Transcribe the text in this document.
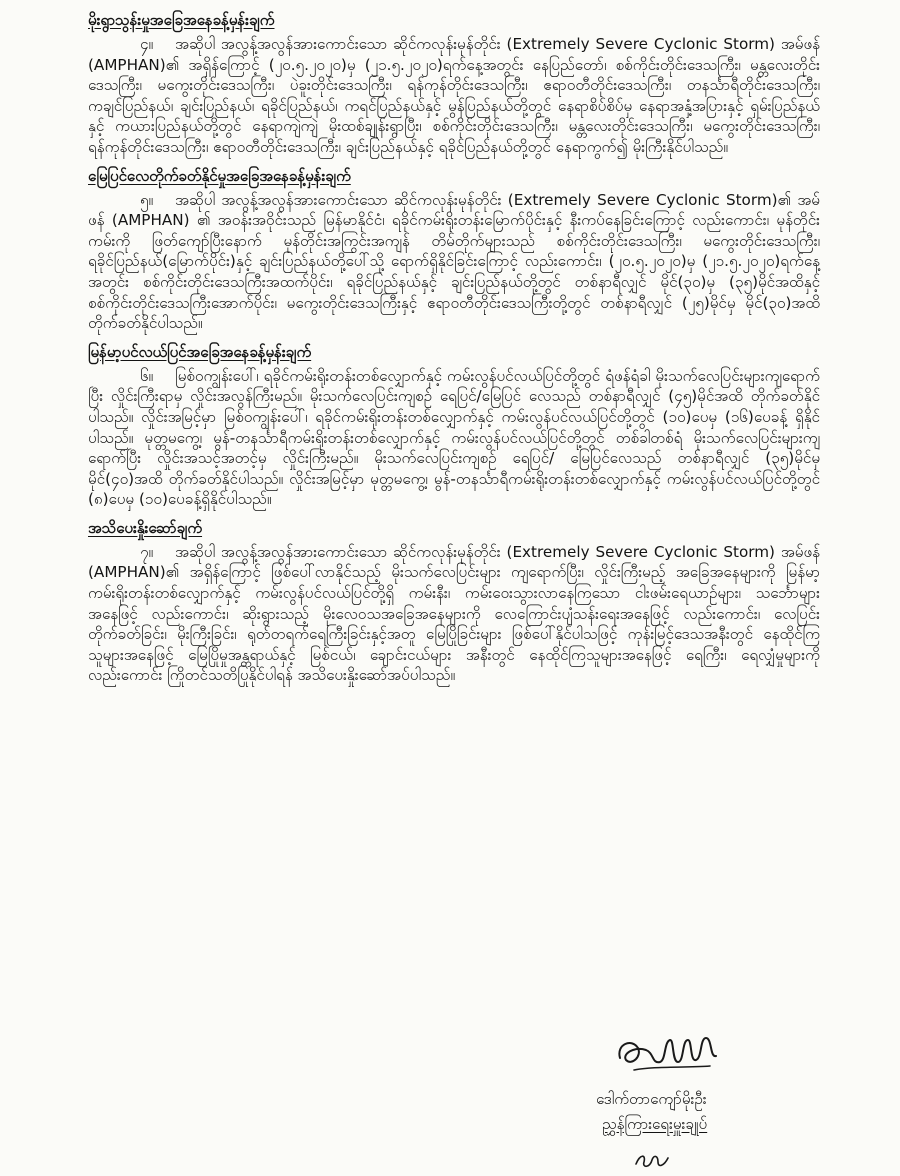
မိုးရွာသွန်းမှုအခြေအနေခန့်မှန်းချက်

၄။ အဆိုပါ အလွန့်အလွန်အားကောင်းသော ဆိုင်ကလုန်းမုန်တိုင်း (Extremely Severe Cyclonic Storm) အမ်ဖန် (AMPHAN)၏ အရှိန်ကြောင့် (၂၀.၅.၂၀၂၀)မှ (၂၁.၅.၂၀၂၀)ရက်နေ့အတွင်း နေပြည်တော်၊ စစ်ကိုင်းတိုင်းဒေသကြီး၊ မန္တလေးတိုင်းဒေသကြီး၊ မကွေးတိုင်းဒေသကြီး၊ ပဲခူးတိုင်းဒေသကြီး၊ ရန်ကုန်တိုင်းဒေသကြီး၊ ဧရာဝတီတိုင်းဒေသကြီး၊ တနင်္သာရီတိုင်းဒေသကြီး၊ ကချင်ပြည်နယ်၊ ချင်းပြည်နယ်၊ ရခိုင်ပြည်နယ်၊ ကရင်ပြည်နယ်နှင့် မွန်ပြည်နယ်တို့တွင် နေရာစိပ်စိပ်မှ နေရာအနှံ့အပြားနှင့် ရှမ်းပြည်နယ်နှင့် ကယားပြည်နယ်တို့တွင် နေရာကျဲကျဲ မိုးထစ်ချုန်းရွာပြီး၊ စစ်ကိုင်းတိုင်းဒေသကြီး၊ မန္တလေးတိုင်းဒေသကြီး၊ မကွေးတိုင်းဒေသကြီး၊ ရန်ကုန်တိုင်းဒေသကြီး၊ ဧရာဝတီတိုင်းဒေသကြီး၊ ချင်းပြည်နယ်နှင့် ရခိုင်ပြည်နယ်တို့တွင် နေရာကွက်၍ မိုးကြီးနိုင်ပါသည်။

မြေပြင်လေတိုက်ခတ်နိုင်မှုအခြေအနေခန့်မှန်းချက်

၅။ အဆိုပါ အလွန့်အလွန်အားကောင်းသော ဆိုင်ကလုန်းမုန်တိုင်း (Extremely Severe Cyclonic Storm)၏ အမ်ဖန် (AMPHAN) ၏ အဝန်းအဝိုင်းသည် မြန်မာနိုင်ငံ၊ ရခိုင်ကမ်းရိုးတန်းမြောက်ပိုင်းနှင့် နီးကပ်နေခြင်းကြောင့် လည်းကောင်း၊ မုန်တိုင်းကမ်းကို ဖြတ်ကျော်ပြီးနောက် မုန်တိုင်းအကြွင်းအကျန် တိမ်တိုက်များသည် စစ်ကိုင်းတိုင်းဒေသကြီး၊ မကွေးတိုင်းဒေသကြီး၊ ရခိုင်ပြည်နယ်(မြောက်ပိုင်း)နှင့် ချင်းပြည်နယ်တို့ပေါ်သို့ ရောက်ရှိနိုင်ခြင်းကြောင့် လည်းကောင်း၊ (၂၀.၅.၂၀၂၀)မှ (၂၁.၅.၂၀၂၀)ရက်နေ့အတွင်း စစ်ကိုင်းတိုင်းဒေသကြီးအထက်ပိုင်း၊ ရခိုင်ပြည်နယ်နှင့် ချင်းပြည်နယ်တို့တွင် တစ်နာရီလျှင် မိုင်(၃၀)မှ (၃၅)မိုင်အထိနှင့် စစ်ကိုင်းတိုင်းဒေသကြီးအောက်ပိုင်း၊ မကွေးတိုင်းဒေသကြီးနှင့် ဧရာဝတီတိုင်းဒေသကြီးတို့တွင် တစ်နာရီလျှင် (၂၅)မိုင်မှ မိုင်(၃၀)အထိ တိုက်ခတ်နိုင်ပါသည်။

မြန်မာ့ပင်လယ်ပြင်အခြေအနေခန့်မှန်းချက်

၆။ မြစ်ဝကျွန်းပေါ်၊ ရခိုင်ကမ်းရိုးတန်းတစ်လျှောက်နှင့် ကမ်းလွန်ပင်လယ်ပြင်တို့တွင် ရံဖန်ရံခါ မိုးသက်လေပြင်းများကျရောက်ပြီး လှိုင်းကြီးရာမှ လှိုင်းအလွန်ကြီးမည်။ မိုးသက်လေပြင်းကျစဉ် ရေပြင်/မြေပြင် လေသည် တစ်နာရီလျှင် (၄၅)မိုင်အထိ တိုက်ခတ်နိုင်ပါသည်။ လှိုင်းအမြင့်မှာ မြစ်ဝကျွန်းပေါ်၊ ရခိုင်ကမ်းရိုးတန်းတစ်လျှောက်နှင့် ကမ်းလွန်ပင်လယ်ပြင်တို့တွင် (၁၀)ပေမှ (၁၆)ပေခန့် ရှိနိုင်ပါသည်။ မုတ္တမကွေ့၊ မွန်-တနင်္သာရီကမ်းရိုးတန်းတစ်လျှောက်နှင့် ကမ်းလွန်ပင်လယ်ပြင်တို့တွင် တစ်ခါတစ်ရံ မိုးသက်လေပြင်းများကျရောက်ပြီး လှိုင်းအသင့်အတင့်မှ လှိုင်းကြီးမည်။ မိုးသက်လေပြင်းကျစဉ် ရေပြင်/ မြေပြင်လေသည် တစ်နာရီလျှင် (၃၅)မိုင်မှ မိုင်(၄၀)အထိ တိုက်ခတ်နိုင်ပါသည်။ လှိုင်းအမြင့်မှာ မုတ္တမကွေ့၊ မွန်-တနင်္သာရီကမ်းရိုးတန်းတစ်လျှောက်နှင့် ကမ်းလွန်ပင်လယ်ပြင်တို့တွင် (၈)ပေမှ (၁၀)ပေခန့်ရှိနိုင်ပါသည်။

အသိပေးနှိုးဆော်ချက်

၇။ အဆိုပါ အလွန့်အလွန်အားကောင်းသော ဆိုင်ကလုန်းမုန်တိုင်း (Extremely Severe Cyclonic Storm) အမ်ဖန် (AMPHAN)၏ အရှိန်ကြောင့် ဖြစ်ပေါ်လာနိုင်သည့် မိုးသက်လေပြင်းများ ကျရောက်ပြီး၊ လှိုင်းကြီးမည့် အခြေအနေများကို မြန်မာ့ကမ်းရိုးတန်းတစ်လျှောက်နှင့် ကမ်းလွန်ပင်လယ်ပြင်တို့ရှိ ကမ်းနီး၊ ကမ်းဝေးသွားလာနေကြသော ငါးဖမ်းရေယာဉ်များ၊ သင်္ဘောများအနေဖြင့် လည်းကောင်း၊ ဆိုးရွားသည့် မိုးလေဝသအခြေအနေများကို လေကြောင်းပျံသန်းရေးအနေဖြင့် လည်းကောင်း၊ လေပြင်း တိုက်ခတ်ခြင်း၊ မိုးကြီးခြင်း၊ ရုတ်တရက်ရေကြီးခြင်းနှင့်အတူ မြေပြိုခြင်းများ ဖြစ်ပေါ်နိုင်ပါသဖြင့် ကုန်းမြင့်ဒေသအနီးတွင် နေထိုင်ကြသူများအနေဖြင့် မြေပြိုမှုအန္တရာယ်နှင့် မြစ်ငယ်၊ ချောင်းငယ်များ အနီးတွင် နေထိုင်ကြသူများအနေဖြင့် ရေကြီး၊ ရေလျှံမှုများကို လည်းကောင်း ကြိုတင်သတိပြုနိုင်ပါရန် အသိပေးနှိုးဆော်အပ်ပါသည်။

ဒေါက်တာကျော်မိုးဦး
ညွှန်ကြားရေးမှူးချုပ်
